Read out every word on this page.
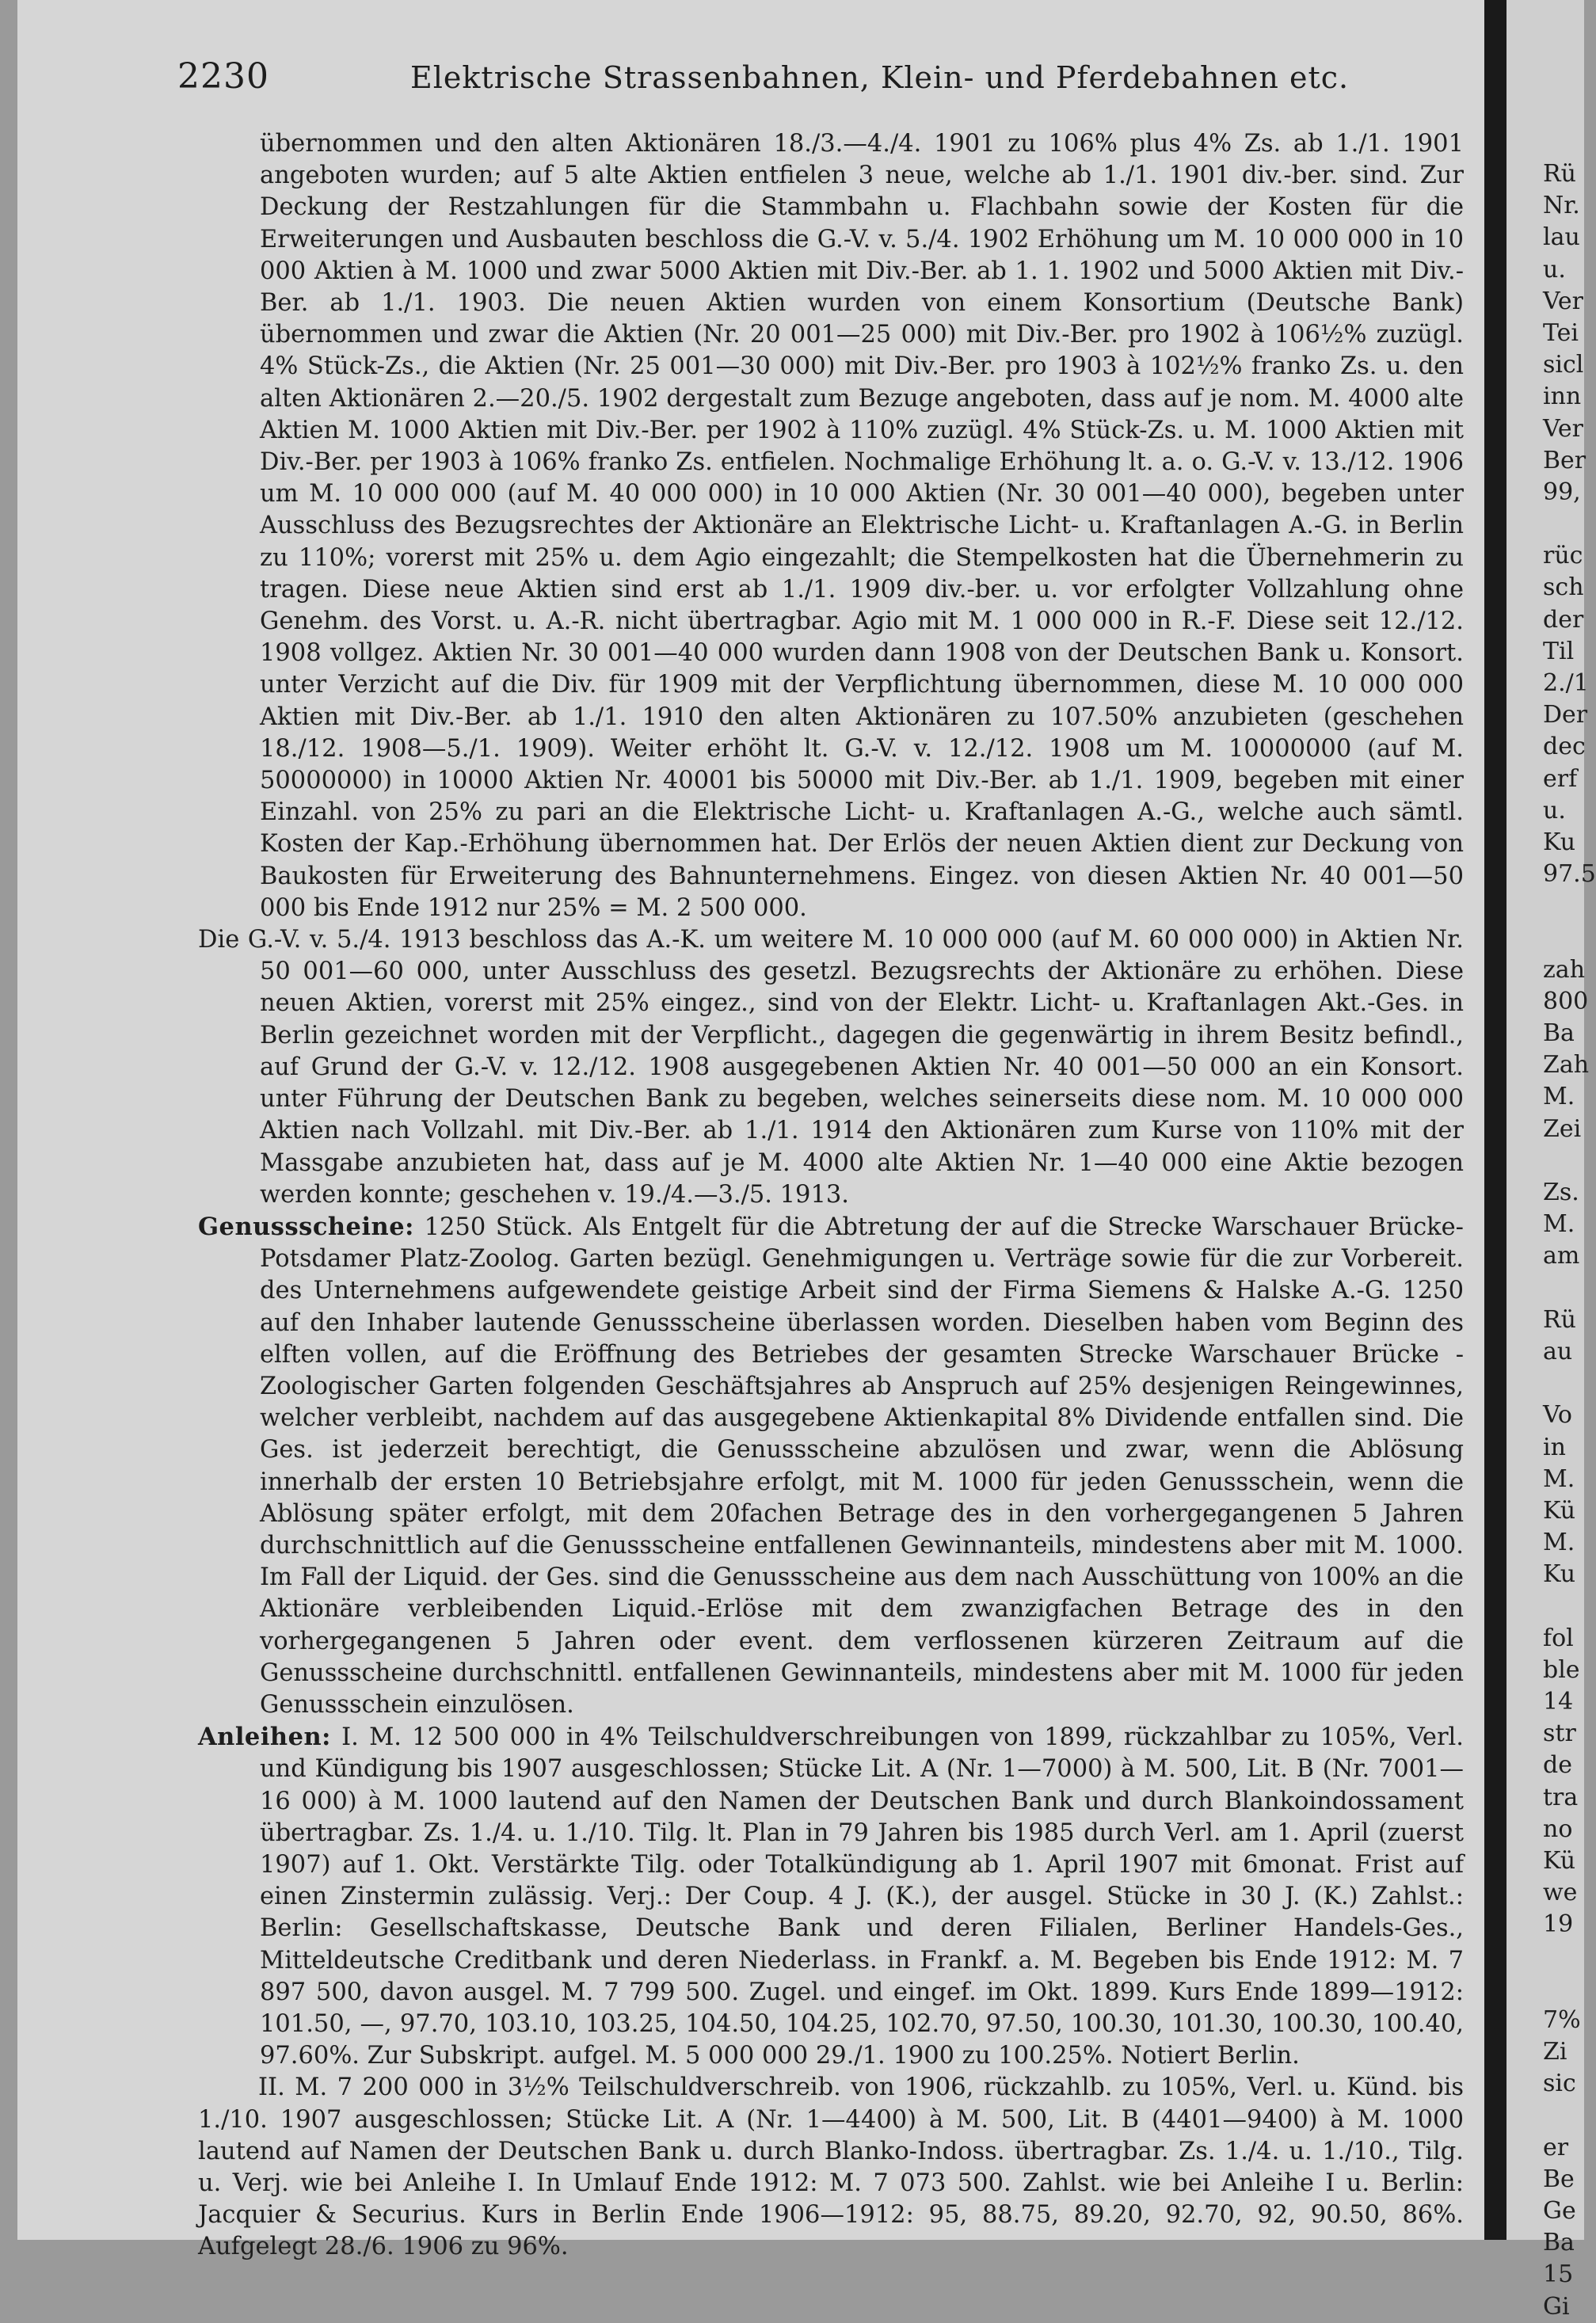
2230	Elektrische Strassenbahnen, Klein- und Pferdebahnen etc.

übernommen und den alten Aktionären 18./3.—4./4. 1901 zu 106% plus 4% Zs. ab 1./1. 1901 angeboten wurden; auf 5 alte Aktien entfielen 3 neue, welche ab 1./1. 1901 div.-ber. sind. Zur Deckung der Restzahlungen für die Stammbahn u. Flachbahn sowie der Kosten für die Erweiterungen und Ausbauten beschloss die G.-V. v. 5./4. 1902 Erhöhung um M. 10 000 000 in 10 000 Aktien à M. 1000 und zwar 5000 Aktien mit Div.-Ber. ab 1. 1. 1902 und 5000 Aktien mit Div.-Ber. ab 1./1. 1903. Die neuen Aktien wurden von einem Konsortium (Deutsche Bank) übernommen und zwar die Aktien (Nr. 20 001—25 000) mit Div.-Ber. pro 1902 à 106½% zuzügl. 4% Stück-Zs., die Aktien (Nr. 25 001—30 000) mit Div.-Ber. pro 1903 à 102½% franko Zs. u. den alten Aktionären 2.—20./5. 1902 dergestalt zum Bezuge angeboten, dass auf je nom. M. 4000 alte Aktien M. 1000 Aktien mit Div.-Ber. per 1902 à 110% zuzügl. 4% Stück-Zs. u. M. 1000 Aktien mit Div.-Ber. per 1903 à 106% franko Zs. entfielen. Nochmalige Erhöhung lt. a. o. G.-V. v. 13./12. 1906 um M. 10 000 000 (auf M. 40 000 000) in 10 000 Aktien (Nr. 30 001—40 000), begeben unter Ausschluss des Bezugsrechtes der Aktionäre an Elektrische Licht- u. Kraftanlagen A.-G. in Berlin zu 110%; vorerst mit 25% u. dem Agio eingezahlt; die Stempelkosten hat die Übernehmerin zu tragen. Diese neue Aktien sind erst ab 1./1. 1909 div.-ber. u. vor erfolgter Vollzahlung ohne Genehm. des Vorst. u. A.-R. nicht übertragbar. Agio mit M. 1 000 000 in R.-F. Diese seit 12./12. 1908 vollgez. Aktien Nr. 30 001—40 000 wurden dann 1908 von der Deutschen Bank u. Konsort. unter Verzicht auf die Div. für 1909 mit der Verpflichtung übernommen, diese M. 10 000 000 Aktien mit Div.-Ber. ab 1./1. 1910 den alten Aktionären zu 107.50% anzubieten (geschehen 18./12. 1908—5./1. 1909). Weiter erhöht lt. G.-V. v. 12./12. 1908 um M. 10000000 (auf M. 50000000) in 10000 Aktien Nr. 40001 bis 50000 mit Div.-Ber. ab 1./1. 1909, begeben mit einer Einzahl. von 25% zu pari an die Elektrische Licht- u. Kraftanlagen A.-G., welche auch sämtl. Kosten der Kap.-Erhöhung übernommen hat. Der Erlös der neuen Aktien dient zur Deckung von Baukosten für Erweiterung des Bahnunternehmens. Eingez. von diesen Aktien Nr. 40 001—50 000 bis Ende 1912 nur 25% = M. 2 500 000.

Die G.-V. v. 5./4. 1913 beschloss das A.-K. um weitere M. 10 000 000 (auf M. 60 000 000) in Aktien Nr. 50 001—60 000, unter Ausschluss des gesetzl. Bezugsrechts der Aktionäre zu erhöhen. Diese neuen Aktien, vorerst mit 25% eingez., sind von der Elektr. Licht- u. Kraftanlagen Akt.-Ges. in Berlin gezeichnet worden mit der Verpflicht., dagegen die gegenwärtig in ihrem Besitz befindl., auf Grund der G.-V. v. 12./12. 1908 ausgegebenen Aktien Nr. 40 001—50 000 an ein Konsort. unter Führung der Deutschen Bank zu begeben, welches seinerseits diese nom. M. 10 000 000 Aktien nach Vollzahl. mit Div.-Ber. ab 1./1. 1914 den Aktionären zum Kurse von 110% mit der Massgabe anzubieten hat, dass auf je M. 4000 alte Aktien Nr. 1—40 000 eine Aktie bezogen werden konnte; geschehen v. 19./4.—3./5. 1913.

Genussscheine: 1250 Stück. Als Entgelt für die Abtretung der auf die Strecke Warschauer Brücke-Potsdamer Platz-Zoolog. Garten bezügl. Genehmigungen u. Verträge sowie für die zur Vorbereit. des Unternehmens aufgewendete geistige Arbeit sind der Firma Siemens & Halske A.-G. 1250 auf den Inhaber lautende Genussscheine überlassen worden. Dieselben haben vom Beginn des elften vollen, auf die Eröffnung des Betriebes der gesamten Strecke Warschauer Brücke - Zoologischer Garten folgenden Geschäftsjahres ab Anspruch auf 25% desjenigen Reingewinnes, welcher verbleibt, nachdem auf das ausgegebene Aktienkapital 8% Dividende entfallen sind. Die Ges. ist jederzeit berechtigt, die Genussscheine abzulösen und zwar, wenn die Ablösung innerhalb der ersten 10 Betriebsjahre erfolgt, mit M. 1000 für jeden Genussschein, wenn die Ablösung später erfolgt, mit dem 20fachen Betrage des in den vorhergegangenen 5 Jahren durchschnittlich auf die Genussscheine entfallenen Gewinnanteils, mindestens aber mit M. 1000. Im Fall der Liquid. der Ges. sind die Genussscheine aus dem nach Ausschüttung von 100% an die Aktionäre verbleibenden Liquid.-Erlöse mit dem zwanzigfachen Betrage des in den vorhergegangenen 5 Jahren oder event. dem verflossenen kürzeren Zeitraum auf die Genussscheine durchschnittl. entfallenen Gewinnanteils, mindestens aber mit M. 1000 für jeden Genussschein einzulösen.

Anleihen: I. M. 12 500 000 in 4% Teilschuldverschreibungen von 1899, rückzahlbar zu 105%, Verl. und Kündigung bis 1907 ausgeschlossen; Stücke Lit. A (Nr. 1—7000) à M. 500, Lit. B (Nr. 7001—16 000) à M. 1000 lautend auf den Namen der Deutschen Bank und durch Blankoindossament übertragbar. Zs. 1./4. u. 1./10. Tilg. lt. Plan in 79 Jahren bis 1985 durch Verl. am 1. April (zuerst 1907) auf 1. Okt. Verstärkte Tilg. oder Totalkündigung ab 1. April 1907 mit 6monat. Frist auf einen Zinstermin zulässig. Verj.: Der Coup. 4 J. (K.), der ausgel. Stücke in 30 J. (K.) Zahlst.: Berlin: Gesellschaftskasse, Deutsche Bank und deren Filialen, Berliner Handels-Ges., Mitteldeutsche Creditbank und deren Niederlass. in Frankf. a. M. Begeben bis Ende 1912: M. 7 897 500, davon ausgel. M. 7 799 500. Zugel. und eingef. im Okt. 1899. Kurs Ende 1899—1912: 101.50, —, 97.70, 103.10, 103.25, 104.50, 104.25, 102.70, 97.50, 100.30, 101.30, 100.30, 100.40, 97.60%. Zur Subskript. aufgel. M. 5 000 000 29./1. 1900 zu 100.25%. Notiert Berlin.

II. M. 7 200 000 in 3½% Teilschuldverschreib. von 1906, rückzahlb. zu 105%, Verl. u. Künd. bis 1./10. 1907 ausgeschlossen; Stücke Lit. A (Nr. 1—4400) à M. 500, Lit. B (4401—9400) à M. 1000 lautend auf Namen der Deutschen Bank u. durch Blanko-Indoss. übertragbar. Zs. 1./4. u. 1./10., Tilg. u. Verj. wie bei Anleihe I. In Umlauf Ende 1912: M. 7 073 500. Zahlst. wie bei Anleihe I u. Berlin: Jacquier & Securius. Kurs in Berlin Ende 1906—1912: 95, 88.75, 89.20, 92.70, 92, 90.50, 86%. Aufgelegt 28./6. 1906 zu 96%.

Rü
Nr.
lau
u.
Ver
Tei
sicl
inn
Ver
Ber
99,
rüc
sch
der
Til
2./1
Der
dec
erf
u.
Ku
97.5
zah
800
Ba
Zah
M.
Zei
Zs.
M.
am
Rü
au
Vo
in
M.
Kü
M.
Ku
fol
ble
14
str
de
tra
no
Kü
we
19
7%
Zi
sic
er
Be
Ge
Ba
15
Gi
